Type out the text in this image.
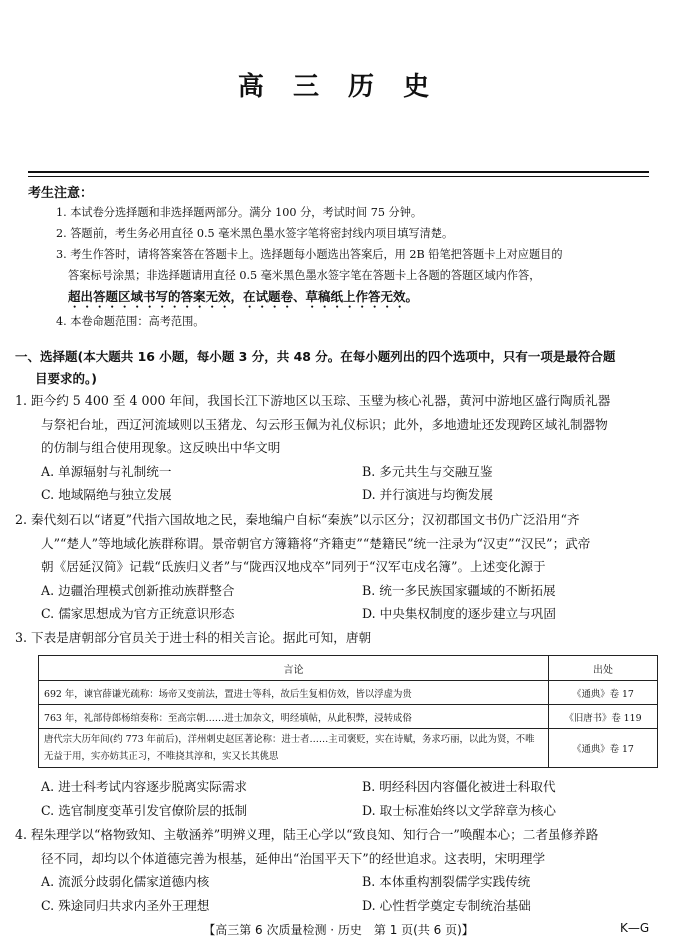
高 三 历 史
考生注意：
1. 本试卷分选择题和非选择题两部分。满分 100 分，考试时间 75 分钟。
2. 答题前，考生务必用直径 0.5 毫米黑色墨水签字笔将密封线内项目填写清楚。
3. 考生作答时，请将答案答在答题卡上。选择题每小题选出答案后，用 2B 铅笔把答题卡上对应题目的
答案标号涂黑；非选择题请用直径 0.5 毫米黑色墨水签字笔在答题卡上各题的答题区域内作答，
超出答题区域书写的答案无效，在试题卷、草稿纸上作答无效。
4. 本卷命题范围：高考范围。
一、选择题(本大题共 16 小题，每小题 3 分，共 48 分。在每小题列出的四个选项中，只有一项是最符合题
目要求的。)
1. 距今约 5 400 至 4 000 年间，我国长江下游地区以玉琮、玉璧为核心礼器，黄河中游地区盛行陶质礼器
与祭祀台址，西辽河流域则以玉猪龙、勾云形玉佩为礼仪标识；此外，多地遗址还发现跨区域礼制器物
的仿制与组合使用现象。这反映出中华文明
A. 单源辐射与礼制统一	B. 多元共生与交融互鉴
C. 地域隔绝与独立发展	D. 并行演进与均衡发展
2. 秦代刻石以“诸夏”代指六国故地之民，秦地编户自标“秦族”以示区分；汉初郡国文书仍广泛沿用“齐
人”“楚人”等地域化族群称谓。景帝朝官方簿籍将“齐籍吏”“楚籍民”统一注录为“汉吏”“汉民”；武帝
朝《居延汉简》记载“氐族归义者”与“陇西汉地戍卒”同列于“汉军屯戍名簿”。上述变化源于
A. 边疆治理模式创新推动族群整合	B. 统一多民族国家疆域的不断拓展
C. 儒家思想成为官方正统意识形态	D. 中央集权制度的逐步建立与巩固
3. 下表是唐朝部分官员关于进士科的相关言论。据此可知，唐朝
言论	出处
692 年，谏官薛谦光疏称：场帝又变前法，置进士等科，故后生复相仿效，皆以浮虚为贵	《通典》卷 17
763 年，礼部侍郎杨绾奏称：至高宗朝……进士加杂文，明经填帖，从此积弊，浸转成俗	《旧唐书》卷 119
唐代宗大历年间(约 773 年前后)，洋州刺史赵匡著论称：进士者……主司褒贬，实在诗赋，务求巧丽，以此为贤，不唯无益于用，实亦妨其正习，不唯挠其淳和，实又长其佻思	《通典》卷 17
A. 进士科考试内容逐步脱离实际需求	B. 明经科因内容僵化被进士科取代
C. 选官制度变革引发官僚阶层的抵制	D. 取士标准始终以文学辞章为核心
4. 程朱理学以“格物致知、主敬涵养”明辨义理，陆王心学以“致良知、知行合一”唤醒本心；二者虽修养路
径不同，却均以个体道德完善为根基，延伸出“治国平天下”的经世追求。这表明，宋明理学
A. 流派分歧弱化儒家道德内核	B. 本体重构割裂儒学实践传统
C. 殊途同归共求内圣外王理想	D. 心性哲学奠定专制统治基础
【高三第 6 次质量检测 · 历史　第 1 页(共 6 页)】	K—G
